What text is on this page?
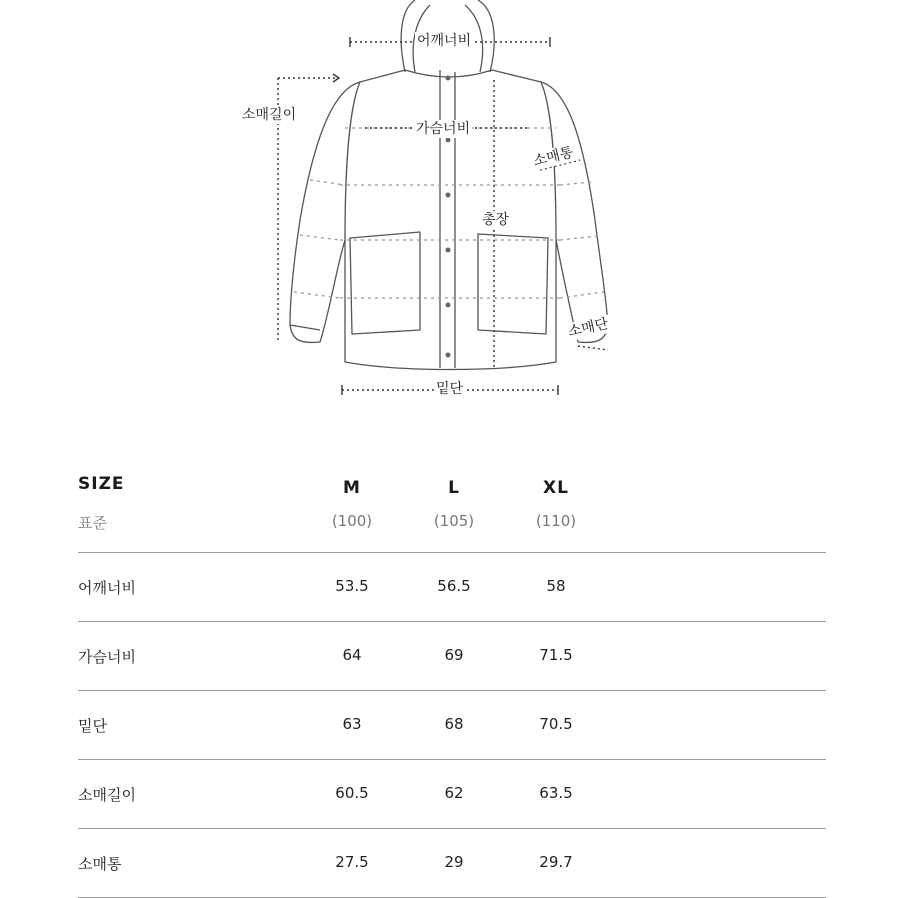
어깨너비
가슴너비
소매길이
소매통
총장
소매단
밑단
SIZE	M	L	XL
표준	(100)	(105)	(110)
어깨너비	53.5	56.5	58
가슴너비	64	69	71.5
밑단	63	68	70.5
소매길이	60.5	62	63.5
소매통	27.5	29	29.7
